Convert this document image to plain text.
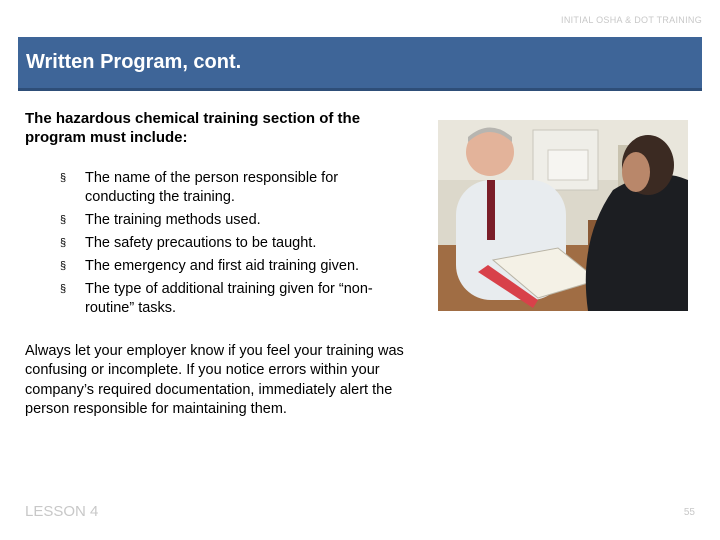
INITIAL OSHA & DOT TRAINING
Written Program, cont.
The hazardous chemical training section of the program must include:
§ The name of the person responsible for conducting the training.
§ The training methods used.
§ The safety precautions to be taught.
§ The emergency and first aid training given.
§ The type of additional training given for “non-routine” tasks.
Always let your employer know if you feel your training was confusing or incomplete. If you notice errors within your company’s required documentation, immediately alert the person responsible for maintaining them.
LESSON 4	55
